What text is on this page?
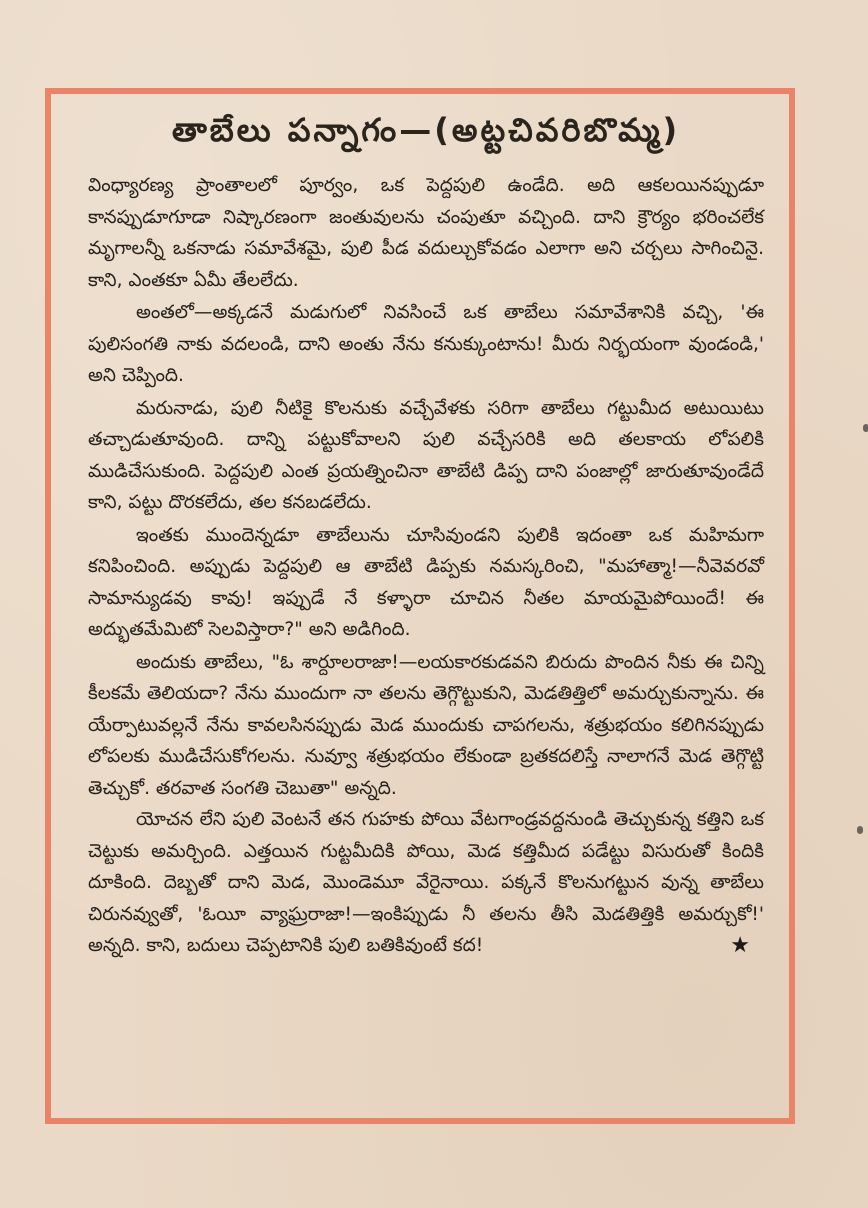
తాబేలు పన్నాగం—(అట్టచివరిబొమ్మ)

వింధ్యారణ్య ప్రాంతాలలో పూర్వం, ఒక పెద్దపులి ఉండేది. అది ఆకలయినప్పుడూ కానప్పుడూగూడా నిష్కారణంగా జంతువులను చంపుతూ వచ్చింది. దాని క్రౌర్యం భరించలేక మృగాలన్నీ ఒకనాడు సమావేశమై, పులి పీడ వదుల్చుకోవడం ఎలాగా అని చర్చలు సాగించినై. కాని, ఎంతకూ ఏమీ తేలలేదు.

అంతలో—అక్కడనే మడుగులో నివసించే ఒక తాబేలు సమావేశానికి వచ్చి, 'ఈ పులిసంగతి నాకు వదలండి, దాని అంతు నేను కనుక్కుంటాను! మీరు నిర్భయంగా వుండండి,' అని చెప్పింది.

మరునాడు, పులి నీటికై కొలనుకు వచ్చేవేళకు సరిగా తాబేలు గట్టుమీద అటుయిటు తచ్చాడుతూవుంది. దాన్ని పట్టుకోవాలని పులి వచ్చేసరికి అది తలకాయ లోపలికి ముడిచేసుకుంది. పెద్దపులి ఎంత ప్రయత్నించినా తాబేటి డిప్ప దాని పంజాల్లో జారుతూవుండేదే కాని, పట్టు దొరకలేదు, తల కనబడలేదు.

ఇంతకు ముందెన్నడూ తాబేలును చూసివుండని పులికి ఇదంతా ఒక మహిమగా కనిపించింది. అప్పుడు పెద్దపులి ఆ తాబేటి డిప్పకు నమస్కరించి, "మహాత్మా!—నీవెవరవో సామాన్యుడవు కావు! ఇప్పుడే నే కళ్ళారా చూచిన నీతల మాయమైపోయిందే! ఈ అద్భుతమేమిటో సెలవిస్తారా?" అని అడిగింది.

అందుకు తాబేలు, "ఓ శార్దూలరాజా!—లయకారకుడవని బిరుదు పొందిన నీకు ఈ చిన్ని కీలకమే తెలియదా? నేను ముందుగా నా తలను తెగ్గొట్టుకుని, మెడతిత్తిలో అమర్చుకున్నాను. ఈ యేర్పాటువల్లనే నేను కావలసినప్పుడు మెడ ముందుకు చాపగలను, శత్రుభయం కలిగినప్పుడు లోపలకు ముడిచేసుకోగలను. నువ్వూ శత్రుభయం లేకుండా బ్రతకదలిస్తే నాలాగనే మెడ తెగ్గొట్టి తెచ్చుకో. తరవాత సంగతి చెబుతా" అన్నది.

యోచన లేని పులి వెంటనే తన గుహకు పోయి వేటగాండ్రవద్దనుండి తెచ్చుకున్న కత్తిని ఒక చెట్టుకు అమర్చింది. ఎత్తయిన గుట్టమీదికి పోయి, మెడ కత్తిమీద పడేట్టు విసురుతో కిందికి దూకింది. దెబ్బతో దాని మెడ, మొండెమూ వేరైనాయి. పక్కనే కొలనుగట్టున వున్న తాబేలు చిరునవ్వుతో, 'ఓయీ వ్యాఘ్రరాజా!—ఇంకిప్పుడు నీ తలను తీసి మెడతిత్తికి అమర్చుకో!' అన్నది. కాని, బదులు చెప్పటానికి పులి బతికివుంటే కద!	★
